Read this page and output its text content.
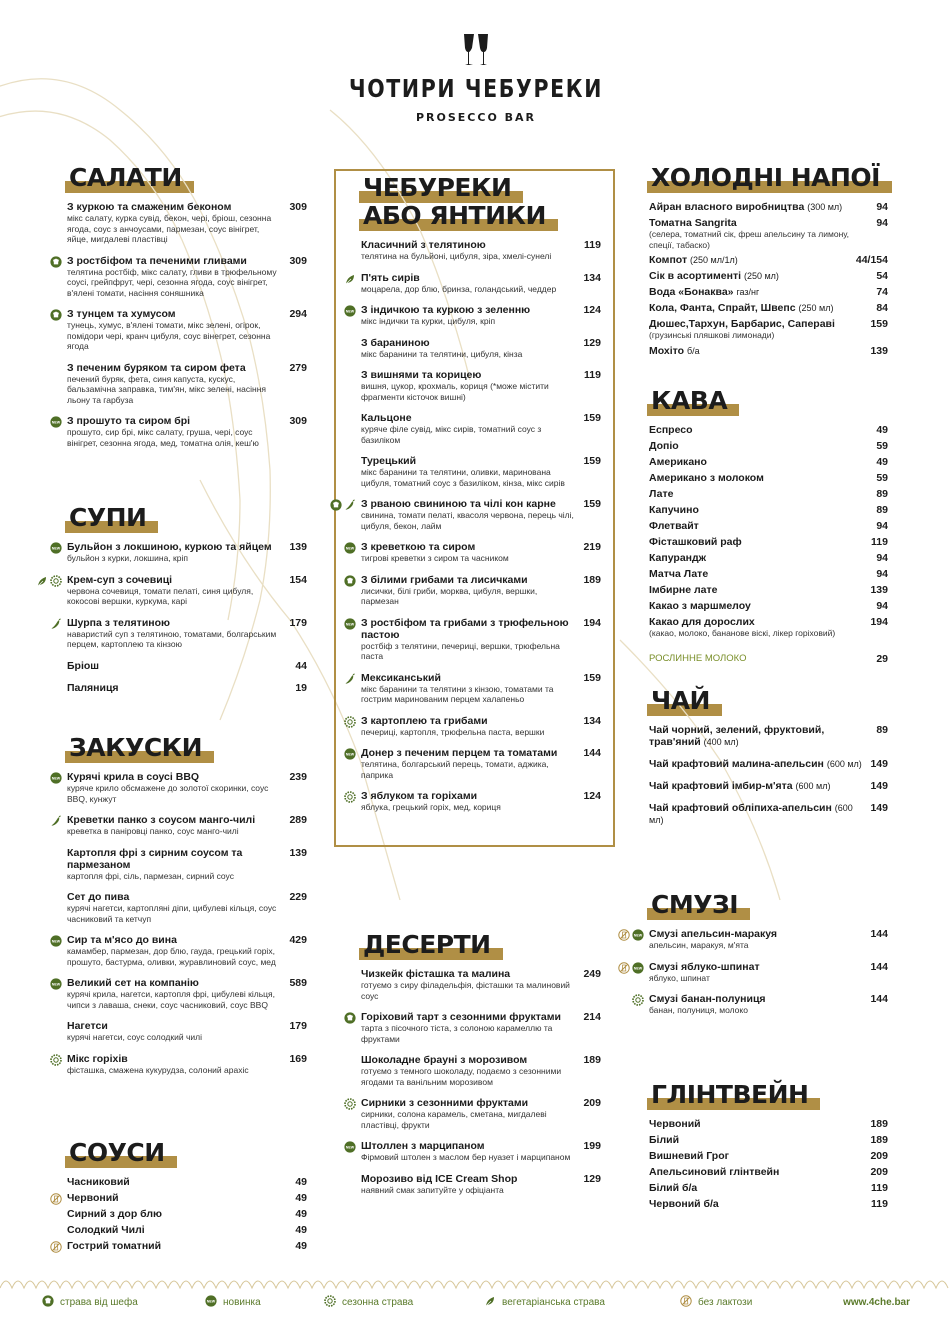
ЧОТИРИ ЧЕБУРЕКИ
PROSECCO BAR
САЛАТИ
З куркою та смаженим беконом
мікс салату, курка сувід, бекон, чері, бріош, сезонна ягода, соус з анчоусами, пармезан, соус вінігрет, яйце, мигдалеві пластівці
309
З ростбіфом та печеними гливами
телятина ростбіф, мікс салату, гливи в трюфельному соусі, грейпфрут, чері, сезонна ягода, соус вінігрет, в'ялені томати, насіння соняшника
309
З тунцем та хумусом
тунець, хумус, в'ялені томати, мікс зелені, огірок, помідори чері, кранч цибуля, соус вінегрет, сезонна ягода
294
З печеним буряком та сиром фета
печений буряк, фета, синя капуста, кускус, бальзамічна заправка, тим'ян, мікс зелені, насіння льону та гарбуза
279
NEW З прошуто та сиром брі
прошуто, сир брі, мікс салату, груша, чері, соус вінігрет, сезонна ягода, мед, томатна олія, кеш'ю
309
СУПИ
NEW Бульйон з локшиною, куркою та яйцем
бульйон з курки, локшина, кріп
139
Крем-суп з сочевиці
червона сочевиця, томати пелаті, синя цибуля, кокосові вершки, куркума, карі
154
Шурпа з телятиною
наваристий суп з телятиною, томатами, болгарським перцем, картоплею та кінзою
179
Бріош	44
Паляниця	19
ЗАКУСКИ
NEW Курячі крила в соусі BBQ
куряче крило обсмажене до золотої скоринки, соус BBQ, кунжут
239
Креветки панко з соусом манго-чилі
креветка в паніровці панко, соус манго-чилі
289
Картопля фрі з сирним соусом та пармезаном
картопля фрі, сіль, пармезан, сирний соус
139
Сет до пива
курячі нагетси, картопляні діпи, цибулеві кільця, соус часниковий та кетчуп
229
NEW Сир та м'ясо до вина
камамбер, пармезан, дор блю, гауда, грецький горіх, прошуто, бастурма, оливки, журавлиновий соус, мед
429
NEW Великий сет на компанію
курячі крила, нагетси, картопля фрі, цибулеві кільця, чипси з лаваша, снеки, соус часниковий, соус BBQ
589
Нагетси
курячі нагетси, соус солодкий чилі
179
Мікс горіхів
фісташка, смажена кукурудза, солоний арахіс
169
СОУСИ
Часниковий	49
Червоний	49
Сирний з дор блю	49
Солодкий Чилі	49
Гострий томатний	49
ЧЕБУРЕКИ
АБО ЯНТИКИ
Класичний з телятиною
телятина на бульйоні, цибуля, зіра, хмелі-сунелі
119
П'ять сирів
моцарела, дор блю, бринза, голандський, чеддер
134
NEW З індичкою та куркою з зеленню
мікс індички та курки, цибуля, кріп
124
З бараниною
мікс баранини та телятини, цибуля, кінза
129
З вишнями та корицею
вишня, цукор, крохмаль, кориця (*може містити фрагменти кісточок вишні)
119
Кальцоне
куряче філе сувід, мікс сирів, томатний соус з базиліком
159
Турецький
мікс баранини та телятини, оливки, маринована цибуля, томатний соус з базиліком, кінза, мікс сирів
159
З рваною свининою та чілі кон карне
свинина, томати пелаті, квасоля червона, перець чілі, цибуля, бекон, лайм
159
NEW З креветкою та сиром
тигрові креветки з сиром та часником
219
З білими грибами та лисичками
лисички, білі гриби, морква, цибуля, вершки, пармезан
189
NEW З ростбіфом та грибами з трюфельною пастою
ростбіф з телятини, печериці, вершки, трюфельна паста
194
Мексиканський
мікс баранини та телятини з кінзою, томатами та гострим маринованим перцем халапеньо
159
З картоплею та грибами
печериці, картопля, трюфельна паста, вершки
134
NEW Донер з печеним перцем та томатами
телятина, болгарський перець, томати, аджика, паприка
144
З яблуком та горіхами
яблука, грецький горіх, мед, кориця
124
ДЕСЕРТИ
Чизкейк фісташка та малина
готуємо з сиру філадельфія, фісташки та малиновий соус
249
Горіховий тарт з сезонними фруктами
тарта з пісочного тіста, з солоною карамеллю та фруктами
214
Шоколадне брауні з морозивом
готуємо з темного шоколаду, подаємо з сезонними ягодами та ванільним морозивом
189
Сирники з сезонними фруктами
сирники, солона карамель, сметана, мигдалеві пластівці, фрукти
209
NEW Штоллен з марципаном
Фірмовий штолен з маслом бер нуазет і марципаном
199
Морозиво від ICE Cream Shop
наявний смак запитуйте у офіціанта
129
ХОЛОДНІ НАПОЇ
Айран власного виробництва (300 мл)	94
Томатна Sangrita
(селера, томатний сік, фреш апельсину та лимону, спеції, табаско)
94
Компот (250 мл/1л)	44/154
Сік в асортименті (250 мл)	54
Вода «Бонаква» газ/нг	74
Кола, Фанта, Спрайт, Швепс (250 мл)	84
Дюшес,Тархун, Барбарис, Сапераві
(грузинські пляшкові лимонади)
159
Мохіто б/а	139
КАВА
Еспресо	49
Допіо	59
Американо	49
Американо з молоком	59
Лате	89
Капучино	89
Флетвайт	94
Фісташковий раф	119
Капурандж	94
Матча Лате	94
Імбирне лате	139
Какао з маршмелоу	94
Какао для дорослих
(какао, молоко, бананове віскі, лікер горіховий)
194
РОСЛИННЕ МОЛОКО	29
ЧАЙ
Чай чорний, зелений, фруктовий, трав'яний (400 мл)
89
Чай крафтовий малина-апельсин (600 мл) 149
Чай крафтовий імбир-м'ята (600 мл)	149
Чай крафтовий обліпиха-апельсин (600 мл)
149
СМУЗІ
NEW Смузі апельсин-маракуя
апельсин, маракуя, м'ята
144
NEW Смузі яблуко-шпинат
яблуко, шпинат
144
Смузі банан-полуниця
банан, полуниця, молоко
144
ГЛІНТВЕЙН
Червоний	189
Білий	189
Вишневий Грог	209
Апельсиновий глінтвейн	209
Білий б/а	119
Червоний б/а	119
страва від шефа	NEW новинка	сезонна страва	вегетаріанська страва	без лактози	www.4che.bar
